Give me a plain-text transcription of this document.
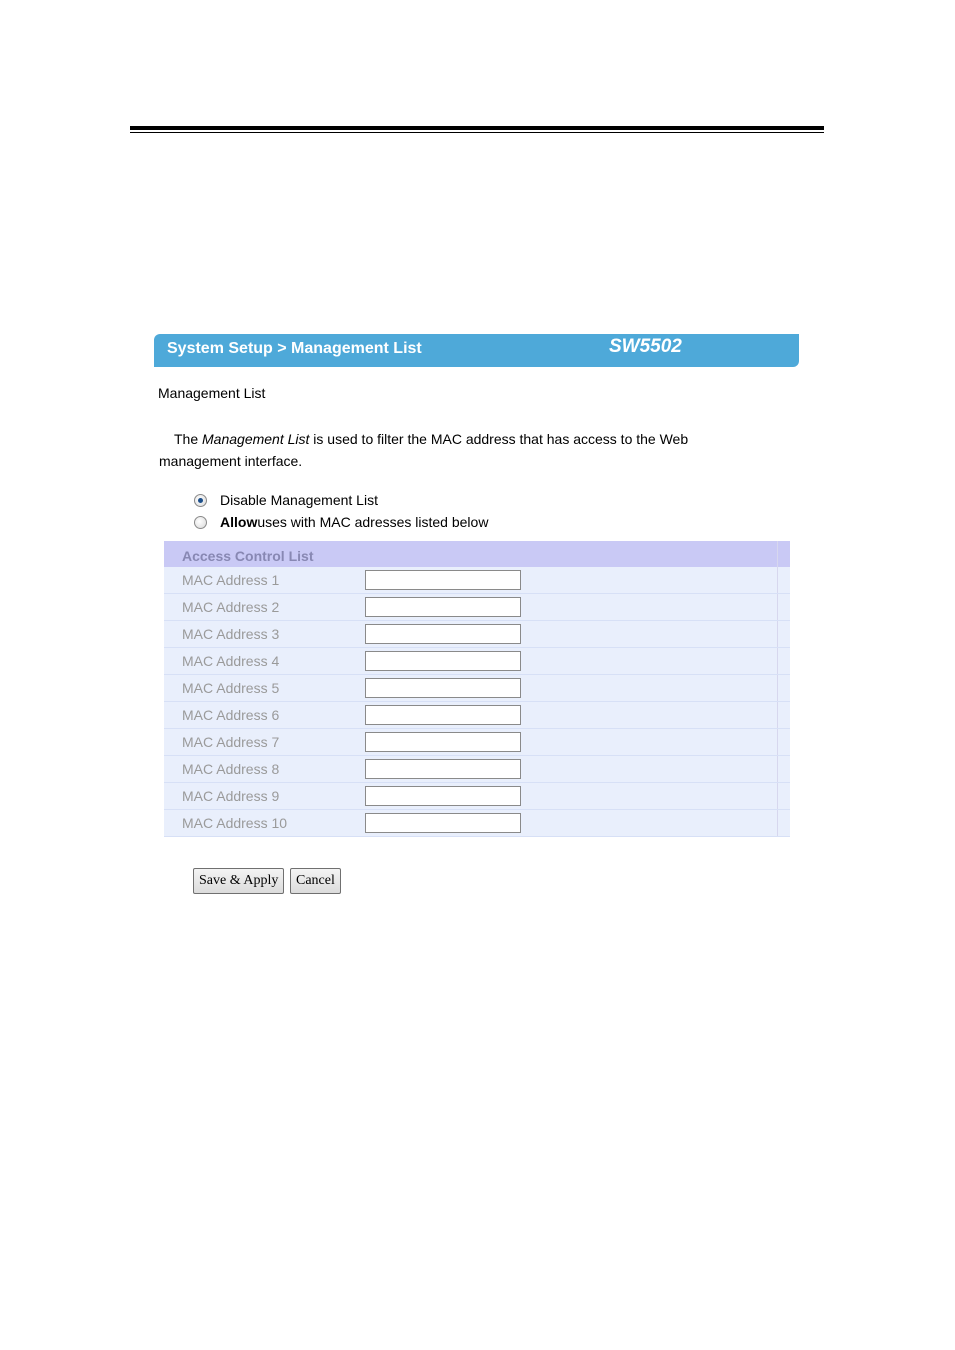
System Setup > Management List	SW5502
Management List
The Management List is used to filter the MAC address that has access to the Web management interface.
Disable Management List
Allow uses with MAC adresses listed below
Access Control List
MAC Address 1
MAC Address 2
MAC Address 3
MAC Address 4
MAC Address 5
MAC Address 6
MAC Address 7
MAC Address 8
MAC Address 9
MAC Address 10
Save & Apply	Cancel
